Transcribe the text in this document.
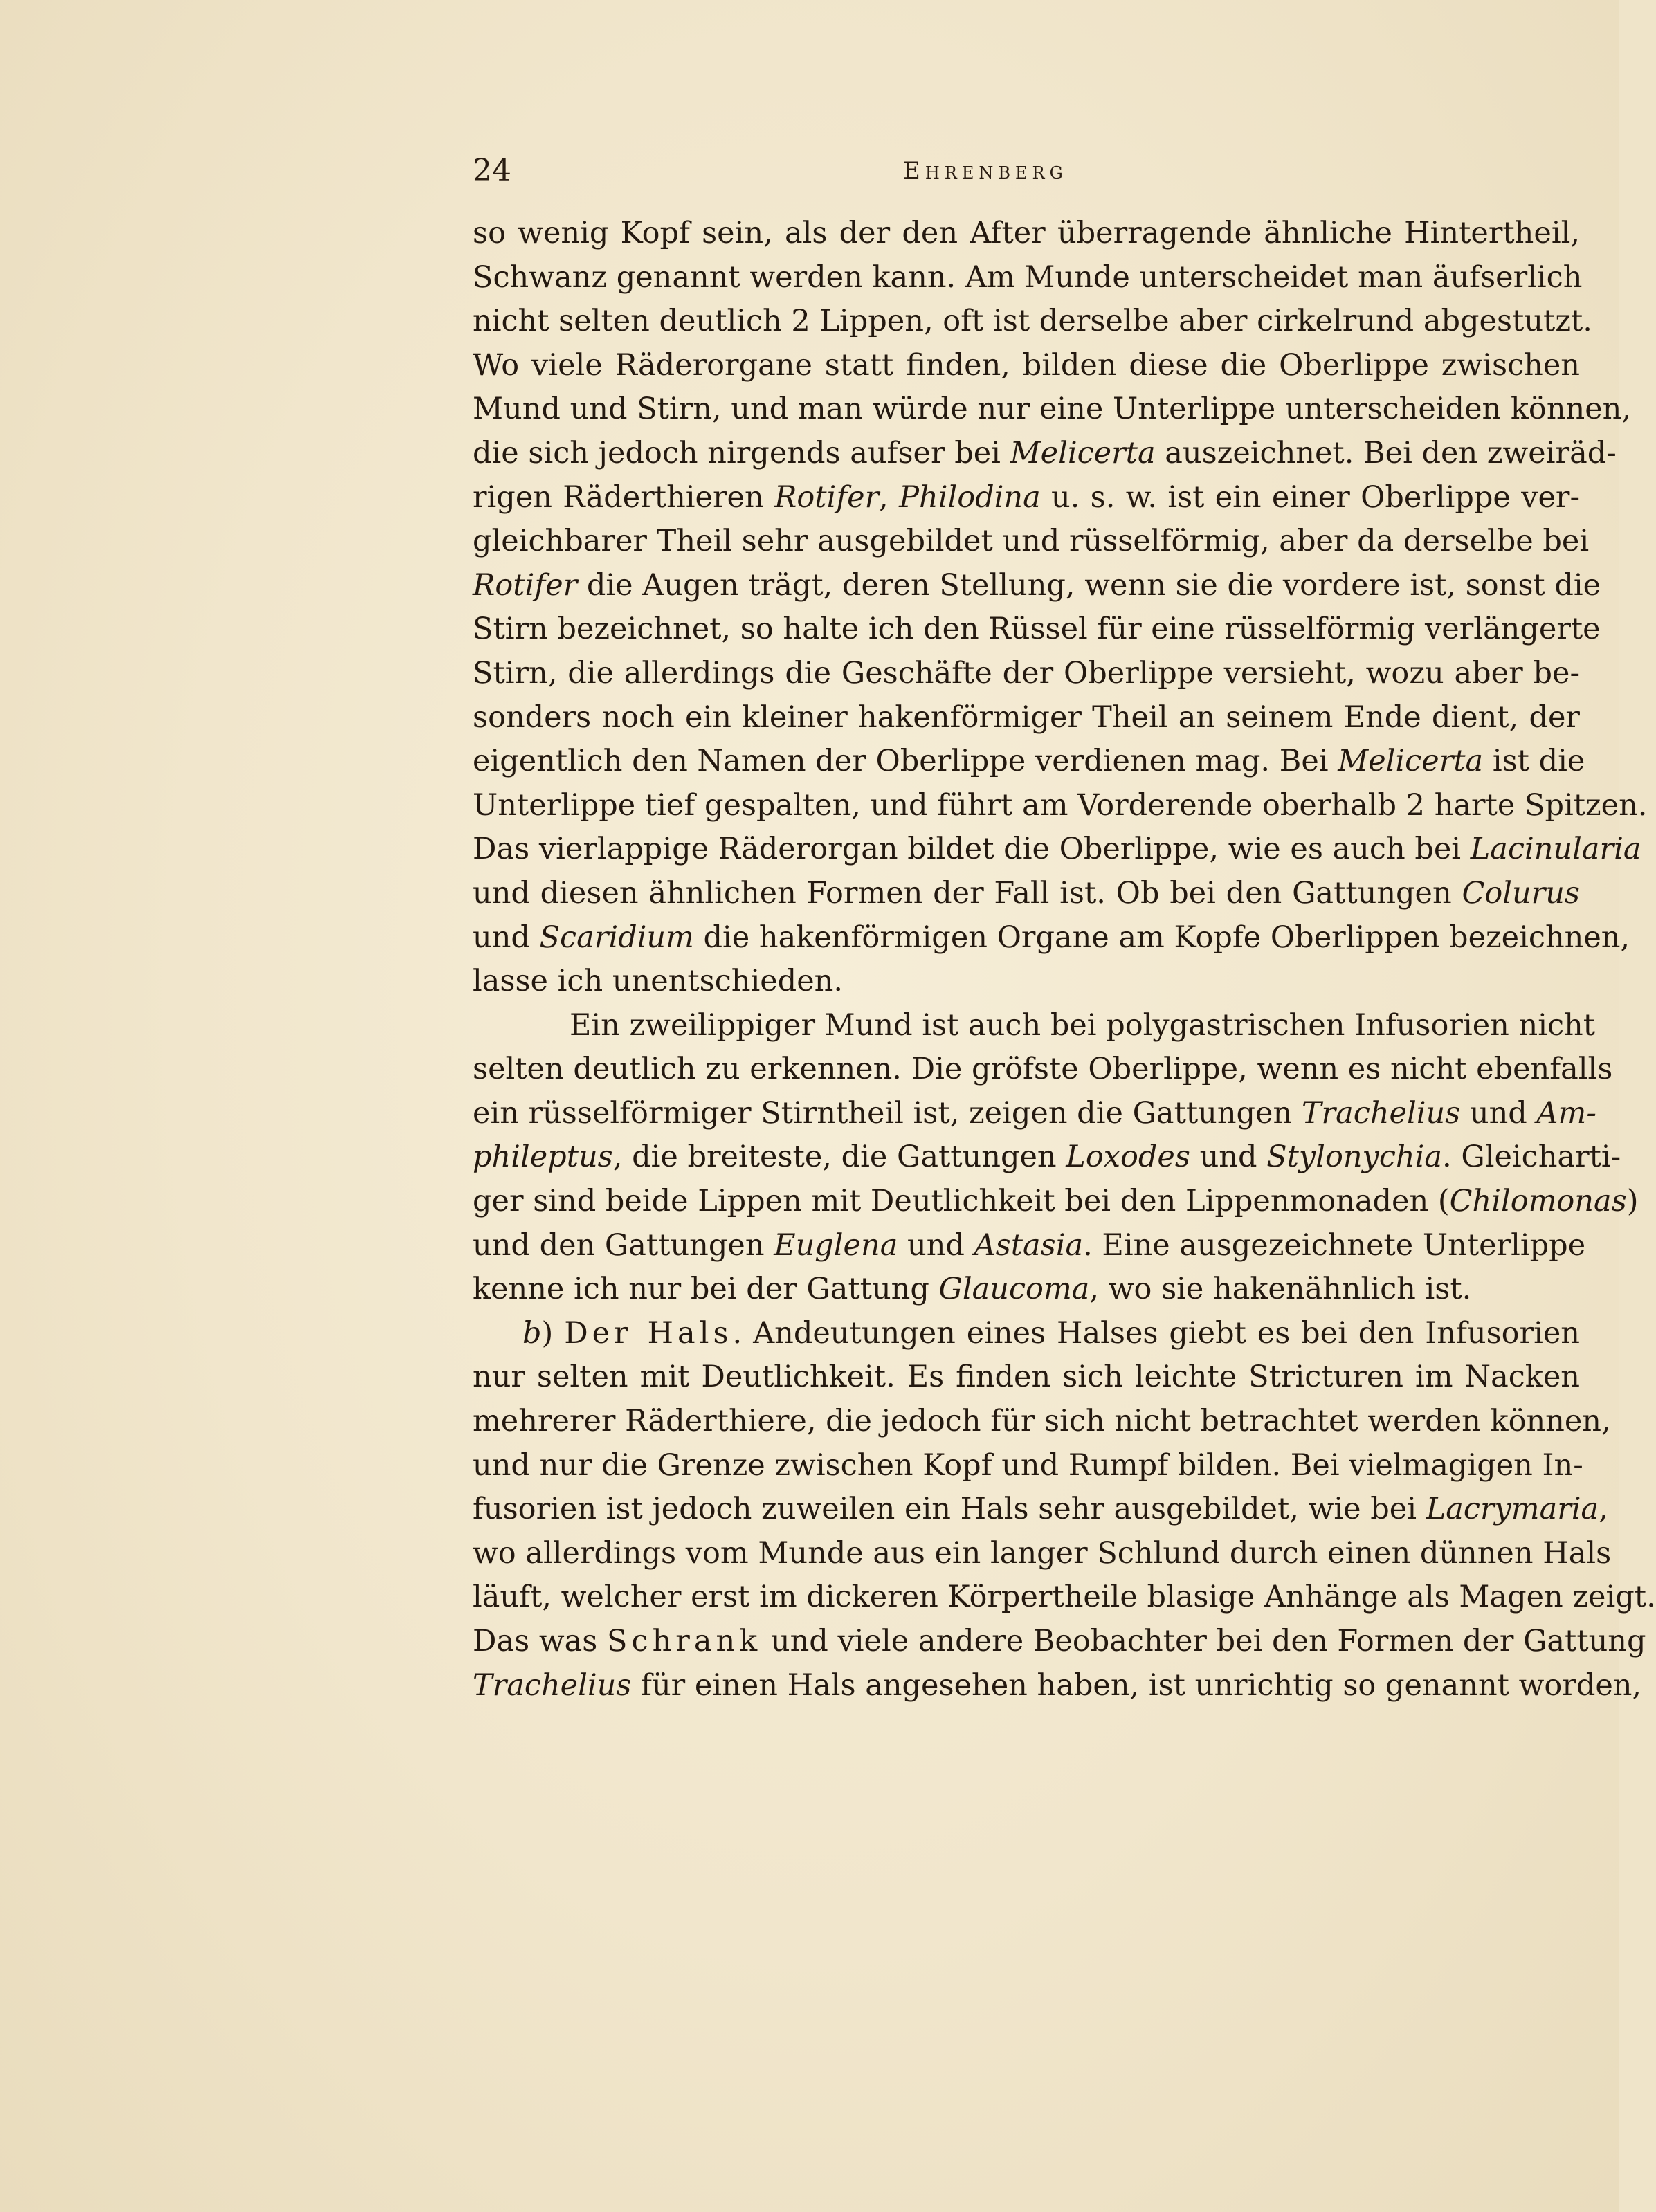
24	Ehrenberg
so wenig Kopf sein, als der den After überragende ähnliche Hintertheil,
Schwanz genannt werden kann. Am Munde unterscheidet man äufserlich
nicht selten deutlich 2 Lippen, oft ist derselbe aber cirkelrund abgestutzt.
Wo viele Räderorgane statt finden, bilden diese die Oberlippe zwischen
Mund und Stirn, und man würde nur eine Unterlippe unterscheiden können,
die sich jedoch nirgends aufser bei Melicerta auszeichnet. Bei den zweiräd-
rigen Räderthieren Rotifer, Philodina u. s. w. ist ein einer Oberlippe ver-
gleichbarer Theil sehr ausgebildet und rüsselförmig, aber da derselbe bei
Rotifer die Augen trägt, deren Stellung, wenn sie die vordere ist, sonst die
Stirn bezeichnet, so halte ich den Rüssel für eine rüsselförmig verlängerte
Stirn, die allerdings die Geschäfte der Oberlippe versieht, wozu aber be-
sonders noch ein kleiner hakenförmiger Theil an seinem Ende dient, der
eigentlich den Namen der Oberlippe verdienen mag. Bei Melicerta ist die
Unterlippe tief gespalten, und führt am Vorderende oberhalb 2 harte Spitzen.
Das vierlappige Räderorgan bildet die Oberlippe, wie es auch bei Lacinularia
und diesen ähnlichen Formen der Fall ist. Ob bei den Gattungen Colurus
und Scaridium die hakenförmigen Organe am Kopfe Oberlippen bezeichnen,
lasse ich unentschieden.
Ein zweilippiger Mund ist auch bei polygastrischen Infusorien nicht
selten deutlich zu erkennen. Die gröfste Oberlippe, wenn es nicht ebenfalls
ein rüsselförmiger Stirntheil ist, zeigen die Gattungen Trachelius und Am-
phileptus, die breiteste, die Gattungen Loxodes und Stylonychia. Gleicharti-
ger sind beide Lippen mit Deutlichkeit bei den Lippenmonaden (Chilomonas)
und den Gattungen Euglena und Astasia. Eine ausgezeichnete Unterlippe
kenne ich nur bei der Gattung Glaucoma, wo sie hakenähnlich ist.
b) Der Hals. Andeutungen eines Halses giebt es bei den Infusorien
nur selten mit Deutlichkeit. Es finden sich leichte Stricturen im Nacken
mehrerer Räderthiere, die jedoch für sich nicht betrachtet werden können,
und nur die Grenze zwischen Kopf und Rumpf bilden. Bei vielmagigen In-
fusorien ist jedoch zuweilen ein Hals sehr ausgebildet, wie bei Lacrymaria,
wo allerdings vom Munde aus ein langer Schlund durch einen dünnen Hals
läuft, welcher erst im dickeren Körpertheile blasige Anhänge als Magen zeigt.
Das was Schrank und viele andere Beobachter bei den Formen der Gattung
Trachelius für einen Hals angesehen haben, ist unrichtig so genannt worden,
